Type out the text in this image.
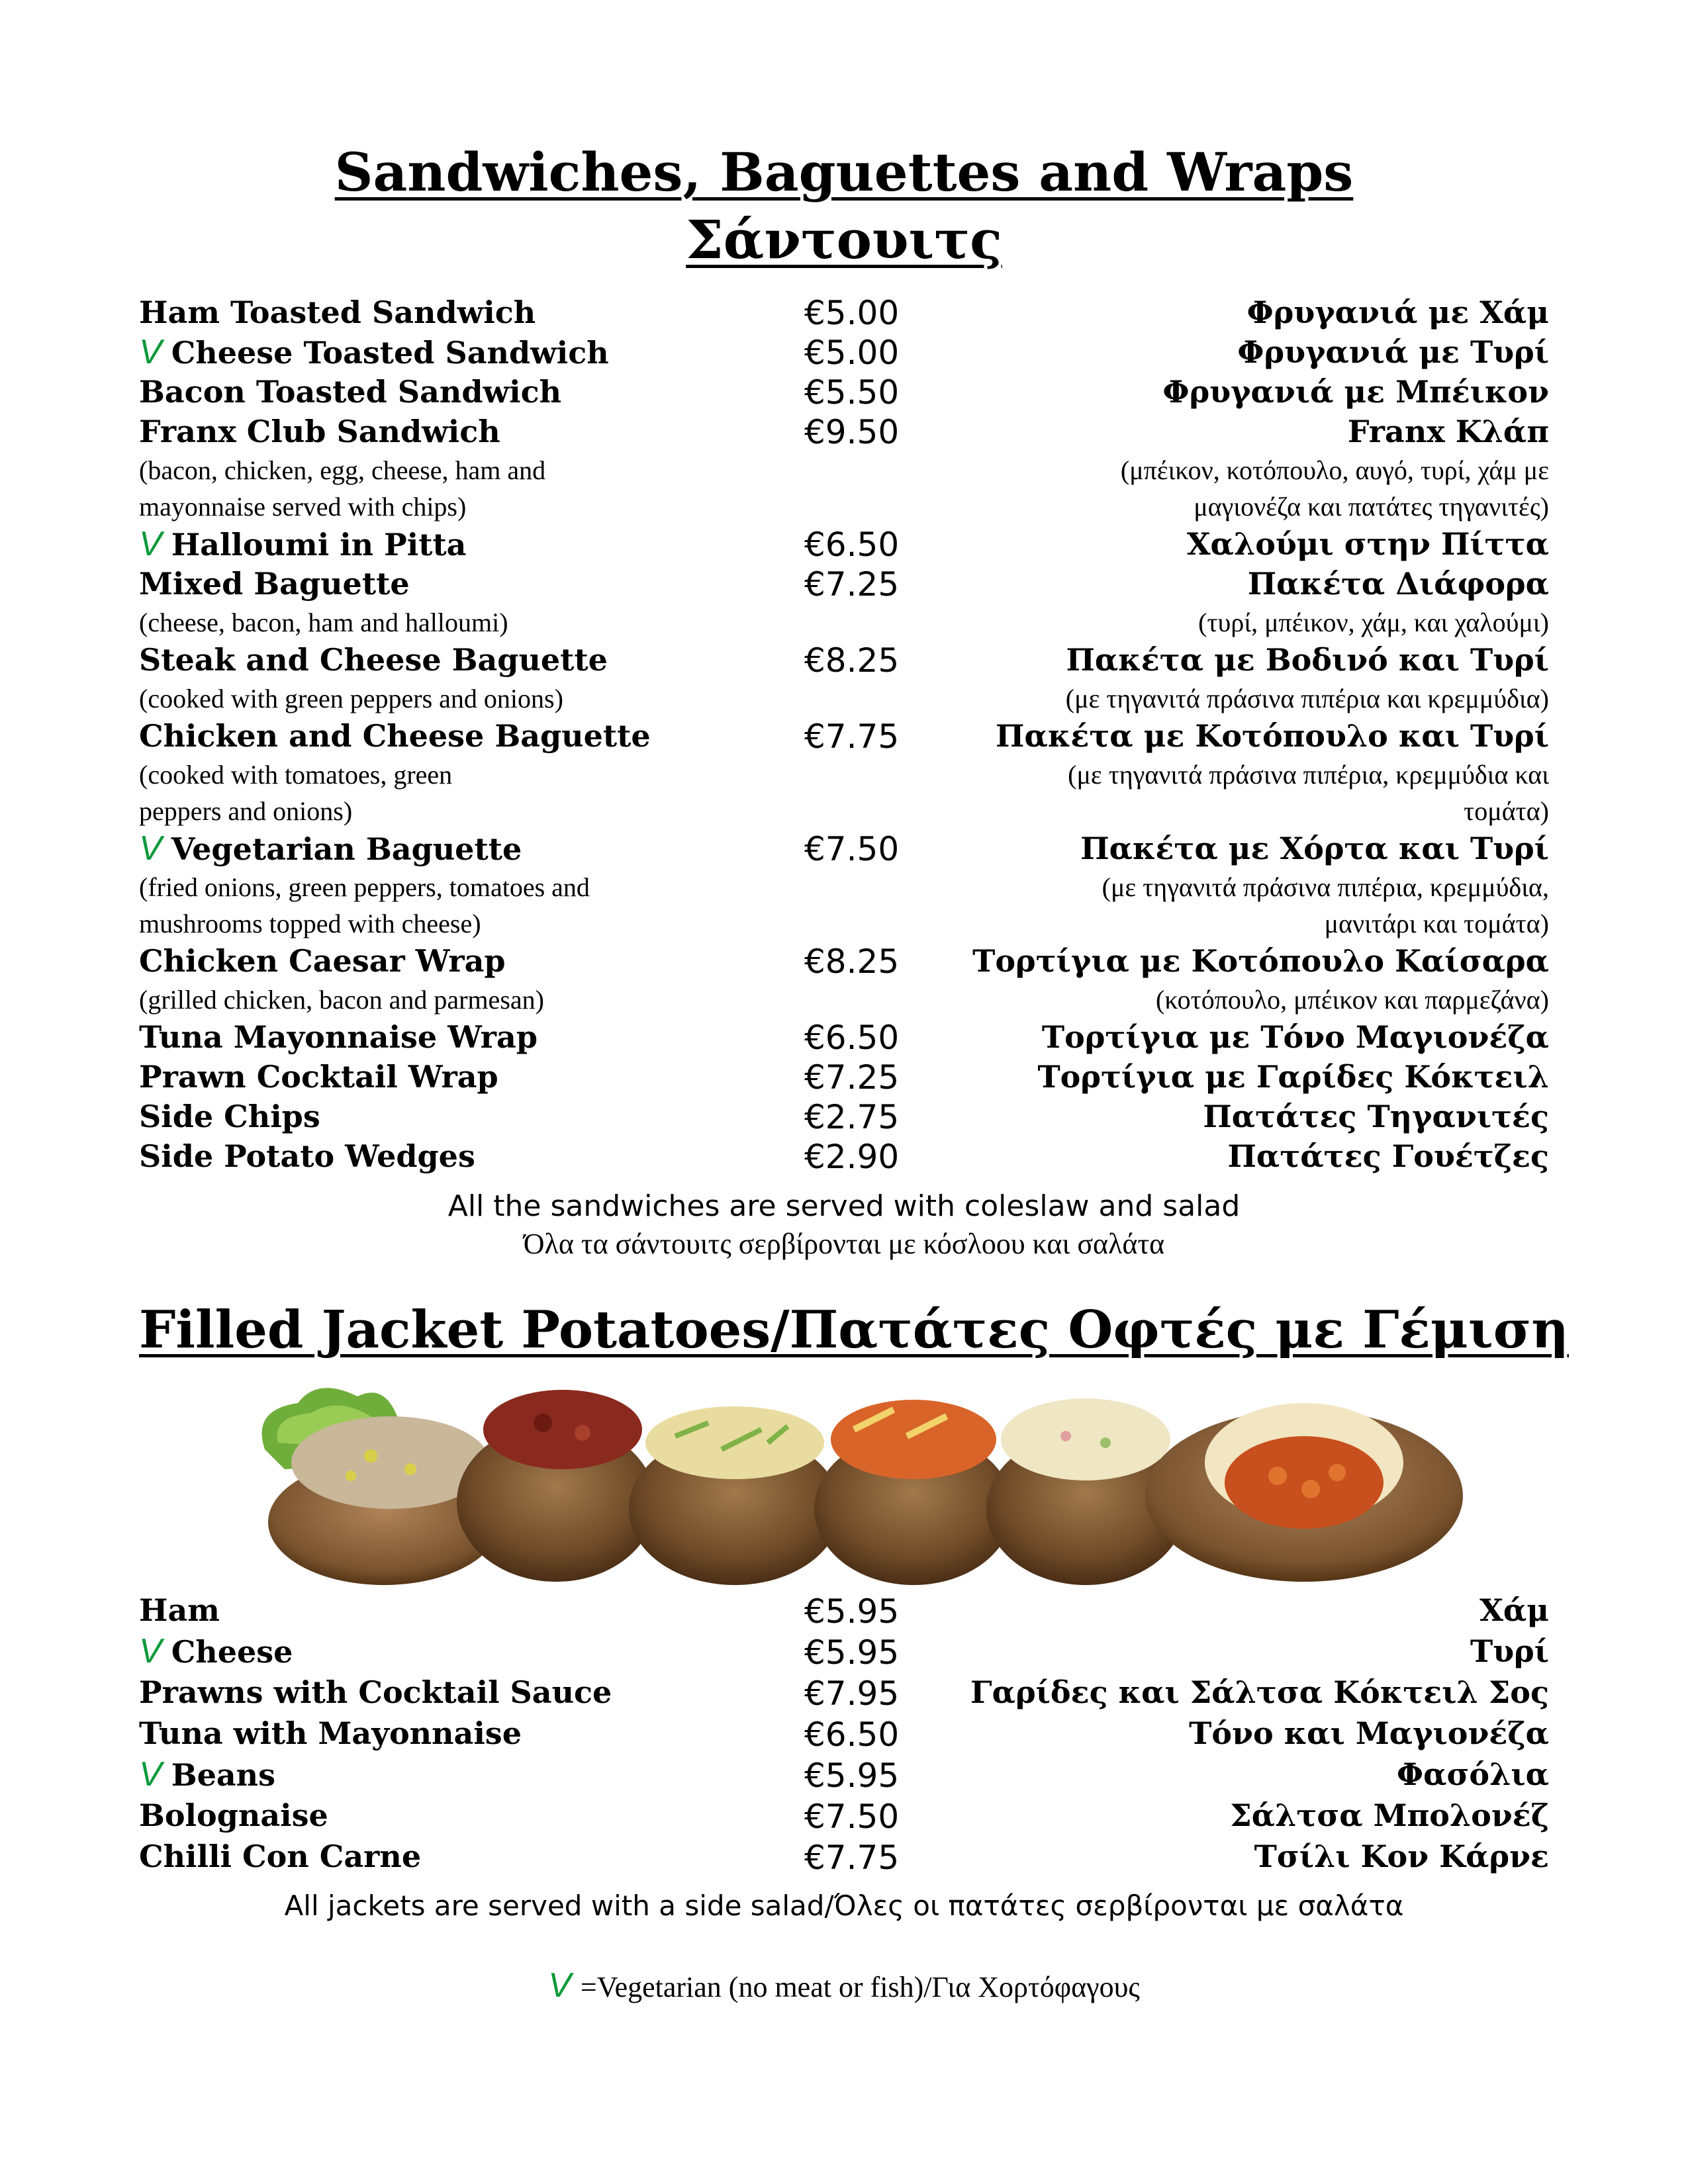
Sandwiches, Baguettes and Wraps
Σάντουιτς
Ham Toasted Sandwich	€5.00	Φρυγανιά με Χάμ
V Cheese Toasted Sandwich	€5.00	Φρυγανιά με Τυρί
Bacon Toasted Sandwich	€5.50	Φρυγανιά με Μπέικον
Franx Club Sandwich	€9.50	Franx Κλάπ
(bacon, chicken, egg, cheese, ham and	(μπέικον, κοτόπουλο, αυγό, τυρί, χάμ με
mayonnaise served with chips)	μαγιονέζα και πατάτες τηγανιτές)
V Halloumi in Pitta	€6.50	Χαλούμι στην Πίττα
Mixed Baguette	€7.25	Πακέτα Διάφορα
(cheese, bacon, ham and halloumi)	(τυρί, μπέικον, χάμ, και χαλούμι)
Steak and Cheese Baguette	€8.25	Πακέτα με Βοδινό και Τυρί
(cooked with green peppers and onions)	(με τηγανιτά πράσινα πιπέρια και κρεμμύδια)
Chicken and Cheese Baguette	€7.75	Πακέτα με Κοτόπουλο και Τυρί
(cooked with tomatoes, green	(με τηγανιτά πράσινα πιπέρια, κρεμμύδια και
peppers and onions)	τομάτα)
V Vegetarian Baguette	€7.50	Πακέτα με Χόρτα και Τυρί
(fried onions, green peppers, tomatoes and	(με τηγανιτά πράσινα πιπέρια, κρεμμύδια,
mushrooms topped with cheese)	μανιτάρι και τομάτα)
Chicken Caesar Wrap	€8.25 Τορτίγια με Κοτόπουλο Καίσαρα
(grilled chicken, bacon and parmesan)	(κοτόπουλο, μπέικον και παρμεζάνα)
Tuna Mayonnaise Wrap	€6.50	Τορτίγια με Τόνο Μαγιονέζα
Prawn Cocktail Wrap	€7.25	Τορτίγια με Γαρίδες Κόκτειλ
Side Chips	€2.75	Πατάτες Τηγανιτές
Side Potato Wedges	€2.90	Πατάτες Γουέτζες
All the sandwiches are served with coleslaw and salad
Όλα τα σάντουιτς σερβίρονται με κόσλοου και σαλάτα
Filled Jacket Potatoes/Πατάτες Οφτές με Γέμιση
Ham	€5.95	Χάμ
V Cheese	€5.95	Τυρί
Prawns with Cocktail Sauce	€7.95 Γαρίδες και Σάλτσα Κόκτειλ Σος
Tuna with Mayonnaise	€6.50	Τόνο και Μαγιονέζα
V Beans	€5.95	Φασόλια
Bolognaise	€7.50	Σάλτσα Μπολονέζ
Chilli Con Carne	€7.75	Τσίλι Κον Κάρνε
All jackets are served with a side salad/Όλες οι πατάτες σερβίρονται με σαλάτα
V =Vegetarian (no meat or fish)/Για Χορτόφαγους
